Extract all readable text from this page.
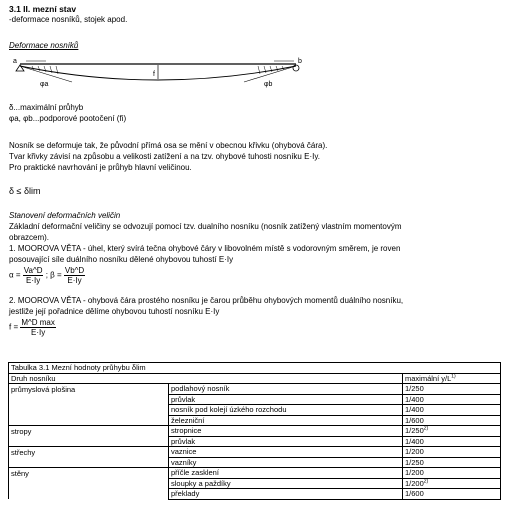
3.1 II. mezní stav
-deformace nosníků, stojek apod.
Deformace nosníků
a	b
f
φa	φb
δ...maximální průhyb
φa, φb...podporové pootočení (fi)
Nosník se deformuje tak, že původní přímá osa se mění v obecnou křivku (ohybová čára).
Tvar křivky závisí na způsobu a velikosti zatížení a na tzv. ohybové tuhosti nosníku E·Iy.
Pro praktické navrhování je průhyb hlavní veličinou.
δ ≤ δlim
Stanovení deformačních veličin
Základní deformační veličiny se odvozují pomocí tzv. dualního nosníku (nosník zatížený vlastním momentovým
obrazcem).
1. MOOROVA VĚTA - úhel, který svírá tečna ohybové čáry v libovolném místě s vodorovným směrem, je roven
posouvající síle duálního nosníku dělené ohybovou tuhostí E·Iy
$\alpha = \frac{Va\^{}D}{E\cdot Iy}$ ; $\beta = \frac{Vb\^{}D}{E\cdot Iy}$
2. MOOROVA VĚTA - ohybová čára prostého nosníku je čarou průběhu ohybových momentů duálního nosníku,
jestliže její pořadnice dělíme ohybovou tuhostí nosníku E·Iy
$f = \frac{\text{M\textasciicircum{}D max}}{E\cdot Iy}$
Tabulka 3.1 Mezní hodnoty průhybu δlim		
Druh nosníku		maximální $y/L^{1)}$
průmyslová plošina	podlahový nosník	1/250
	průvlak	1/400
	nosník pod kolejí úzkého rozchodu	1/400
	železniční	1/600
stropy	stropnice	1/250$^{2)}$
	průvlak	1/400
střechy	vaznice	1/200
	vazníky	1/250
stěny	příčle zasklení	1/200
	sloupky a paždíky	1/200$^{2)}$
	překlady	1/600
